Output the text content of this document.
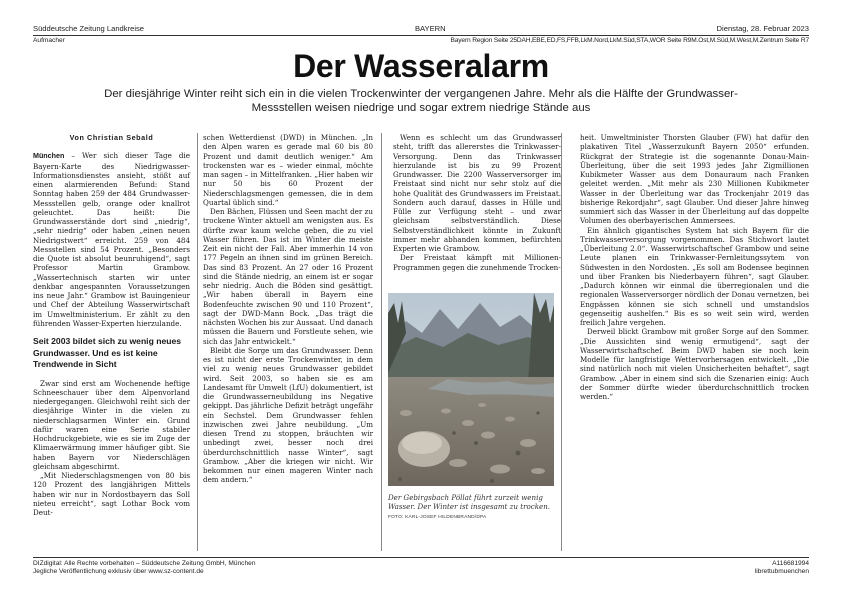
Süddeutsche Zeitung Landkreise	BAYERN	Dienstag, 28. Februar 2023
Aufmacher	Bayern Region Seite 25DAH,EBE,ED,FS,FFB,LkM.Nord,LkM.Süd,STA,WOR Seite R9M.Ost,M.Süd,M.West,M.Zentrum Seite R7
Der Wasseralarm
Der diesjährige Winter reiht sich ein in die vielen Trockenwinter der vergangenen Jahre. Mehr als die Hälfte der Grundwasser-Messstellen weisen niedrige und sogar extrem niedrige Stände aus
Von Christian Sebald

München – Wer sich dieser Tage die Bayern-Karte des Niedrigwasser-Informationsdienstes ansieht, stößt auf einen alarmierenden Befund: Stand Sonntag haben 259 der 484 Grundwasser-Messstellen gelb, orange oder knallrot geleuchtet. Das heißt: Die Grundwasserstände dort sind „niedrig“, „sehr niedrig“ oder haben „einen neuen Niedrigstwert“ erreicht. 259 von 484 Messstellen sind 54 Prozent. „Besonders die Quote ist absolut beunruhigend“, sagt Professor Martin Grambow. „Wassertechnisch starten wir unter denkbar angespannten Voraussetzungen ins neue Jahr.“ Grambow ist Bauingenieur und Chef der Abteilung Wasserwirtschaft im Umweltministerium. Er zählt zu den führenden Wasser-Experten hierzulande.

Seit 2003 bildet sich zu wenig neues Grundwasser. Und es ist keine Trendwende in Sicht

Zwar sind erst am Wochenende heftige Schneeschauer über dem Alpenvorland niedergegangen. Gleichwohl reiht sich der diesjährige Winter in die vielen zu niederschlagsarmen Winter ein. Grund dafür waren eine Serie stabiler Hochdruckgebiete, wie es sie im Zuge der Klimaerwärmung immer häufiger gibt. Sie haben Bayern vor Niederschlägen gleichsam abgeschirmt.

„Mit Niederschlagsmengen von 80 bis 120 Prozent des langjährigen Mittels haben wir nur in Nordostbayern das Soll nieteu erreicht“, sagt Lothar Bock vom Deut-

schen Wetterdienst (DWD) in München. „In den Alpen waren es gerade mal 60 bis 80 Prozent und damit deutlich weniger.“ Am trockensten war es – wieder einmal, möchte man sagen – in Mittelfranken. „Hier haben wir nur 50 bis 60 Prozent der Niederschlagsmengen gemessen, die in dem Quartal üblich sind.“

Den Bächen, Flüssen und Seen macht der zu trockene Winter aktuell am wenigsten aus. Es dürfte zwar kaum welche geben, die zu viel Wasser führen. Das ist im Winter die meiste Zeit ein nicht der Fall. Aber immerhin 14 von 177 Pegeln an ihnen sind im grünen Bereich. Das sind 83 Prozent. An 27 oder 16 Prozent sind die Stände niedrig, an einem ist er sogar sehr niedrig. Auch die Böden sind gesättigt. „Wir haben überall in Bayern eine Bodenfeuchte zwischen 90 und 110 Prozent“, sagt der DWD-Mann Bock. „Das trägt die nächsten Wochen bis zur Aussaat. Und danach müssen die Bauern und Forstleute sehen, wie sich das Jahr entwickelt.“

Bleibt die Sorge um das Grundwasser. Denn es ist nicht der erste Trockenwinter, in dem viel zu wenig neues Grundwasser gebildet wird. Seit 2003, so haben sie es am Landesamt für Umwelt (LfU) dokumentiert, ist die Grundwasserneubildung ins Negative gekippt. Das jährliche Defizit beträgt ungefähr ein Sechstel. Dem Grundwasser fehlen inzwischen zwei Jahre neubildung. „Um diesen Trend zu stoppen, bräuchten wir unbedingt zwei, besser noch drei überdurchschnittlich nasse Winter“, sagt Grambow. „Aber die kriegen wir nicht. Wir bekommen nur einen mageren Winter nach dem andern.“

Wenn es schlecht um das Grundwasser steht, trifft das allererstes die Trinkwasser-Versorgung. Denn das Trinkwasser hierzulande ist bis zu 99 Prozent Grundwasser. Die 2200 Wasserversorger im Freistaat sind nicht nur sehr stolz auf die hohe Qualität des Grundwassers im Freistaat. Sondern auch darauf, dasses in Hülle und Fülle zur Verfügung steht – und zwar gleichsam selbstverständlich. Diese Selbstverständlichkeit könnte in Zukunft immer mehr abhanden kommen, befürchten Experten wie Grambow.

Der Freistaat kämpft mit Millionen-Programmen gegen die zunehmende Trocken-

Der Gebirgsbach Pöllat führt zurzeit wenig Wasser. Der Winter ist insgesamt zu trocken. FOTO: KARL-JOSEF HILDENBRAND/DPA

heit. Umweltminister Thorsten Glauber (FW) hat dafür den plakativen Titel „Wasserzukunft Bayern 2050“ erfunden. Rückgrat der Strategie ist die sogenannte Donau-Main-Überleitung, über die seit 1993 jedes Jahr Zigmillionen Kubikmeter Wasser aus dem Donauraum nach Franken geleitet werden. „Mit mehr als 230 Millionen Kubikmeter Wasser in der Überleitung war das Trockenjahr 2019 das bisherige Rekordjahr“, sagt Glauber. Und dieser Jahre hinweg summiert sich das Wasser in der Überleitung auf das doppelte Volumen des oberbayerischen Ammersees.

Ein ähnlich gigantisches System hat sich Bayern für die Trinkwasserversorgung vorgenommen. Das Stichwort lautet „Überleitung 2.0“. Wasserwirtschaftschef Grambow und seine Leute planen ein Trinkwasser-Fernleitungssytem von Südwesten in den Nordosten. „Es soll am Bodensee beginnen und über Franken bis Niederbayern führen“, sagt Glauber. „Dadurch können wir einmal die überregionalen und die regionalen Wasserversorger nördlich der Donau vernetzen, bei Engpässen können sie sich schnell und umstandslos gegenseitig aushelfen.“ Bis es so weit sein wird, werden freilich Jahre vergehen.

Derweil blickt Grambow mit großer Sorge auf den Sommer. „Die Aussichten sind wenig ermutigend“, sagt der Wasserwirtschaftschef. Beim DWD haben sie noch kein Modelle für langfristige Wettervorhersagen entwickelt. „Die sind natürlich noch mit vielen Unsicherheiten behaftet“, sagt Grambow. „Aber in einem sind sich die Szenarien einig: Auch der Sommer dürfte wieder überdurchschnittlich trocken werden.“

DIZdigital: Alle Rechte vorbehalten – Süddeutsche Zeitung GmbH, München
Jegliche Veröffentlichung exklusiv über www.sz-content.de
A116681994
librettubmuenchen
